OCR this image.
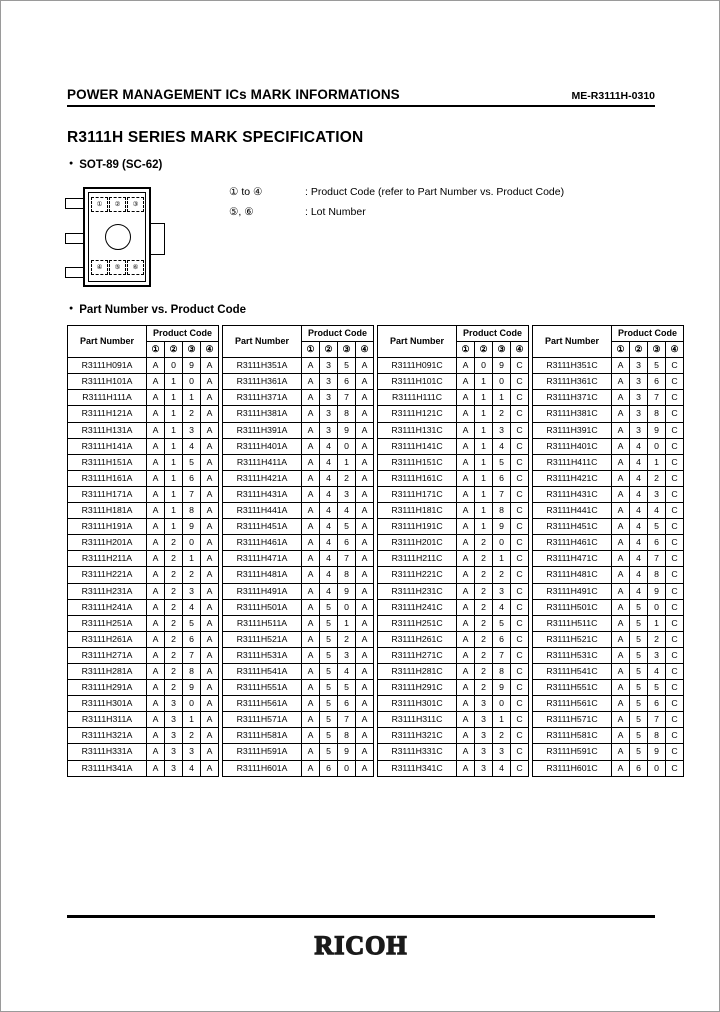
POWER MANAGEMENT ICs MARK INFORMATIONS	ME-R3111H-0310
R3111H SERIES MARK SPECIFICATION
● SOT-89 (SC-62)
①	②	③
④	⑤	⑥
① to ④	: Product Code (refer to Part Number vs. Product Code)
⑤, ⑥	: Lot Number
● Part Number vs. Product Code
Part Number	Product Code			
	①	②	③	④
R3111H091A	A	0	9	A
R3111H101A	A	1	0	A
R3111H111A	A	1	1	A
R3111H121A	A	1	2	A
R3111H131A	A	1	3	A
R3111H141A	A	1	4	A
R3111H151A	A	1	5	A
R3111H161A	A	1	6	A
R3111H171A	A	1	7	A
R3111H181A	A	1	8	A
R3111H191A	A	1	9	A
R3111H201A	A	2	0	A
R3111H211A	A	2	1	A
R3111H221A	A	2	2	A
R3111H231A	A	2	3	A
R3111H241A	A	2	4	A
R3111H251A	A	2	5	A
R3111H261A	A	2	6	A
R3111H271A	A	2	7	A
R3111H281A	A	2	8	A
R3111H291A	A	2	9	A
R3111H301A	A	3	0	A
R3111H311A	A	3	1	A
R3111H321A	A	3	2	A
R3111H331A	A	3	3	A
R3111H341A	A	3	4	A
Part Number	Product Code			
	①	②	③	④
R3111H351A	A	3	5	A
R3111H361A	A	3	6	A
R3111H371A	A	3	7	A
R3111H381A	A	3	8	A
R3111H391A	A	3	9	A
R3111H401A	A	4	0	A
R3111H411A	A	4	1	A
R3111H421A	A	4	2	A
R3111H431A	A	4	3	A
R3111H441A	A	4	4	A
R3111H451A	A	4	5	A
R3111H461A	A	4	6	A
R3111H471A	A	4	7	A
R3111H481A	A	4	8	A
R3111H491A	A	4	9	A
R3111H501A	A	5	0	A
R3111H511A	A	5	1	A
R3111H521A	A	5	2	A
R3111H531A	A	5	3	A
R3111H541A	A	5	4	A
R3111H551A	A	5	5	A
R3111H561A	A	5	6	A
R3111H571A	A	5	7	A
R3111H581A	A	5	8	A
R3111H591A	A	5	9	A
R3111H601A	A	6	0	A
Part Number	Product Code			
	①	②	③	④
R3111H091C	A	0	9	C
R3111H101C	A	1	0	C
R3111H111C	A	1	1	C
R3111H121C	A	1	2	C
R3111H131C	A	1	3	C
R3111H141C	A	1	4	C
R3111H151C	A	1	5	C
R3111H161C	A	1	6	C
R3111H171C	A	1	7	C
R3111H181C	A	1	8	C
R3111H191C	A	1	9	C
R3111H201C	A	2	0	C
R3111H211C	A	2	1	C
R3111H221C	A	2	2	C
R3111H231C	A	2	3	C
R3111H241C	A	2	4	C
R3111H251C	A	2	5	C
R3111H261C	A	2	6	C
R3111H271C	A	2	7	C
R3111H281C	A	2	8	C
R3111H291C	A	2	9	C
R3111H301C	A	3	0	C
R3111H311C	A	3	1	C
R3111H321C	A	3	2	C
R3111H331C	A	3	3	C
R3111H341C	A	3	4	C
Part Number	Product Code			
	①	②	③	④
R3111H351C	A	3	5	C
R3111H361C	A	3	6	C
R3111H371C	A	3	7	C
R3111H381C	A	3	8	C
R3111H391C	A	3	9	C
R3111H401C	A	4	0	C
R3111H411C	A	4	1	C
R3111H421C	A	4	2	C
R3111H431C	A	4	3	C
R3111H441C	A	4	4	C
R3111H451C	A	4	5	C
R3111H461C	A	4	6	C
R3111H471C	A	4	7	C
R3111H481C	A	4	8	C
R3111H491C	A	4	9	C
R3111H501C	A	5	0	C
R3111H511C	A	5	1	C
R3111H521C	A	5	2	C
R3111H531C	A	5	3	C
R3111H541C	A	5	4	C
R3111H551C	A	5	5	C
R3111H561C	A	5	6	C
R3111H571C	A	5	7	C
R3111H581C	A	5	8	C
R3111H591C	A	5	9	C
R3111H601C	A	6	0	C
RICOH
